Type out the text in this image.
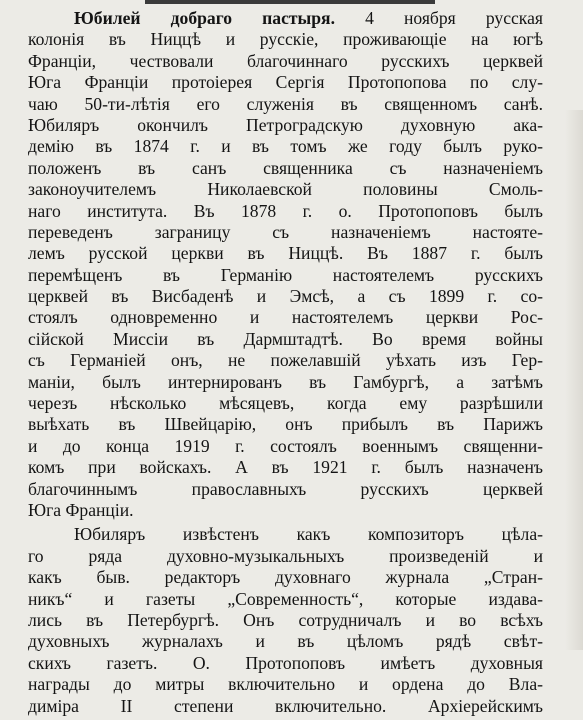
Юбилей добраго пастыря. 4 ноября русская
колонія въ Ниццѣ и русскіе, проживающіе на югѣ
Франціи, чествовали благочиннаго русскихъ церквей
Юга Франціи протоіерея Сергія Протопопова по слу-
чаю 50-ти-лѣтія его служенія въ священномъ санѣ.
Юбиляръ окончилъ Петроградскую духовную ака-
демію въ 1874 г. и въ томъ же году былъ руко-
положенъ въ санъ священника съ назначеніемъ
законоучителемъ Николаевской половины Смоль-
наго института. Въ 1878 г. о. Протопоповъ былъ
переведенъ заграницу съ назначеніемъ настоятe-
лемъ русской церкви въ Ниццѣ. Въ 1887 г. былъ
перемѣщенъ въ Германію настоятелемъ русскихъ
церквей въ Висбаденѣ и Эмсѣ, а съ 1899 г. со-
стоялъ одновременно и настоятелемъ церкви Рос-
сійской Миссіи въ Дармштадтѣ. Во время войны
съ Германіей онъ, не пожелавшій уѣхать изъ Гер-
маніи, былъ интернированъ въ Гамбургѣ, а затѣмъ
черезъ нѣсколько мѣсяцевъ, когда ему разрѣшили
выѣхать въ Швейцарію, онъ прибылъ въ Парижъ
и до конца 1919 г. состоялъ военнымъ священни-
комъ при войскахъ. А въ 1921 г. былъ назначенъ
благочиннымъ православныхъ русскихъ церквей
Юга Франціи.
Юбиляръ извѣстенъ какъ композиторъ цѣла-
го ряда духовно-музыкальныхъ произведеній и
какъ быв. редакторъ духовнаго журнала „Стран-
никъ“ и газеты „Современность“, которые издава-
лись въ Петербургѣ. Онъ сотрудничалъ и во всѣхъ
духовныхъ журналахъ и въ цѣломъ рядѣ свѣт-
скихъ газетъ. О. Протопоповъ имѣетъ духовныя
награды до митры включительно и ордена до Вла-
диміра II степени включительно. Архіерейскимъ
